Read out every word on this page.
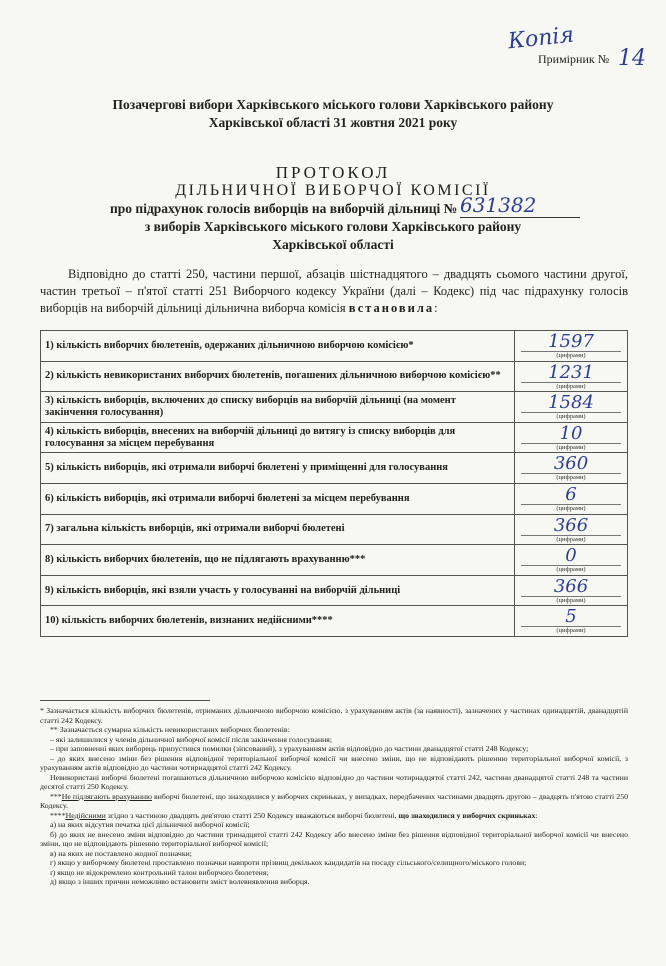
Копія
Примірник № 14
Позачергові вибори Харківського міського голови Харківського району
Харківської області 31 жовтня 2021 року
ПРОТОКОЛ
ДІЛЬНИЧНОЇ ВИБОРЧОЇ КОМІСІЇ
про підрахунок голосів виборців на виборчій дільниці № 631382
з виборів Харківського міського голови Харківського району
Харківської області
Відповідно до статті 250, частини першої, абзаців шістнадцятого – двадцять сьомого частини другої, частин третьої – п'ятої статті 251 Виборчого кодексу України (далі – Кодекс) під час підрахунку голосів виборців на виборчій дільниці дільнична виборча комісія встановила:
1) кількість виборчих бюлетенів, одержаних дільничною виборчою комісією*	1597
(цифрами)

2) кількість невикористаних виборчих бюлетенів, погашених дільничною виборчою комісією**	1231
(цифрами)

3) кількість виборців, включених до списку виборців на виборчій дільниці (на момент закінчення голосування)	1584
(цифрами)

4) кількість виборців, внесених на виборчій дільниці до витягу із списку виборців для голосування за місцем перебування	10
(цифрами)

5) кількість виборців, які отримали виборчі бюлетені у приміщенні для голосування	360
(цифрами)

6) кількість виборців, які отримали виборчі бюлетені за місцем перебування	6
(цифрами)

7) загальна кількість виборців, які отримали виборчі бюлетені	366
(цифрами)

8) кількість виборчих бюлетенів, що не підлягають врахуванню***	0
(цифрами)

9) кількість виборців, які взяли участь у голосуванні на виборчій дільниці	366
(цифрами)

10) кількість виборчих бюлетенів, визнаних недійсними****	5
(цифрами)

* Зазначається кількість виборчих бюлетенів, отриманих дільничною виборчою комісією, з урахуванням актів (за наявності), зазначених у частинах одинадцятій, дванадцятій статті 242 Кодексу.

** Зазначається сумарна кількість невикористаних виборчих бюлетенів:

– які залишилися у членів дільничної виборчої комісії після закінчення голосування;

– при заповненні яких виборець припустився помилки (зіпсований), з урахуванням актів відповідно до частини дванадцятої статті 248 Кодексу;

– до яких внесено зміни без рішення відповідної територіальної виборчої комісії чи внесено зміни, що не відповідають рішенню територіальної виборчої комісії, з урахуванням актів відповідно до частини чотирнадцятої статті 242 Кодексу.

Невикористані виборчі бюлетені погашаються дільничною виборчою комісією відповідно до частини чотирнадцятої статті 242, частини дванадцятої статті 248 та частини десятої статті 250 Кодексу.

***Не підлягають врахуванню виборчі бюлетені, що знаходилися у виборчих скриньках, у випадках, передбачених частинами двадцять другою – двадцять п'ятою статті 250 Кодексу.

****Недійсними згідно з частиною двадцять дев'ятою статті 250 Кодексу вважаються виборчі бюлетені, що знаходилися у виборчих скриньках:

а) на яких відсутня печатка цієї дільничної виборчої комісії;

б) до яких не внесено зміни відповідно до частини тринадцятої статті 242 Кодексу або внесено зміни без рішення відповідної територіальної виборчої комісії чи внесено зміни, що не відповідають рішенню територіальної виборчої комісії;

в) на яких не поставлено жодної позначки;

г) якщо у виборчому бюлетені проставлено позначки навпроти прізвищ декількох кандидатів на посаду сільського/селищного/міського голови;

ґ) якщо не відокремлено контрольний талон виборчого бюлетеня;

д) якщо з інших причин неможливо встановити зміст волевиявлення виборця.
